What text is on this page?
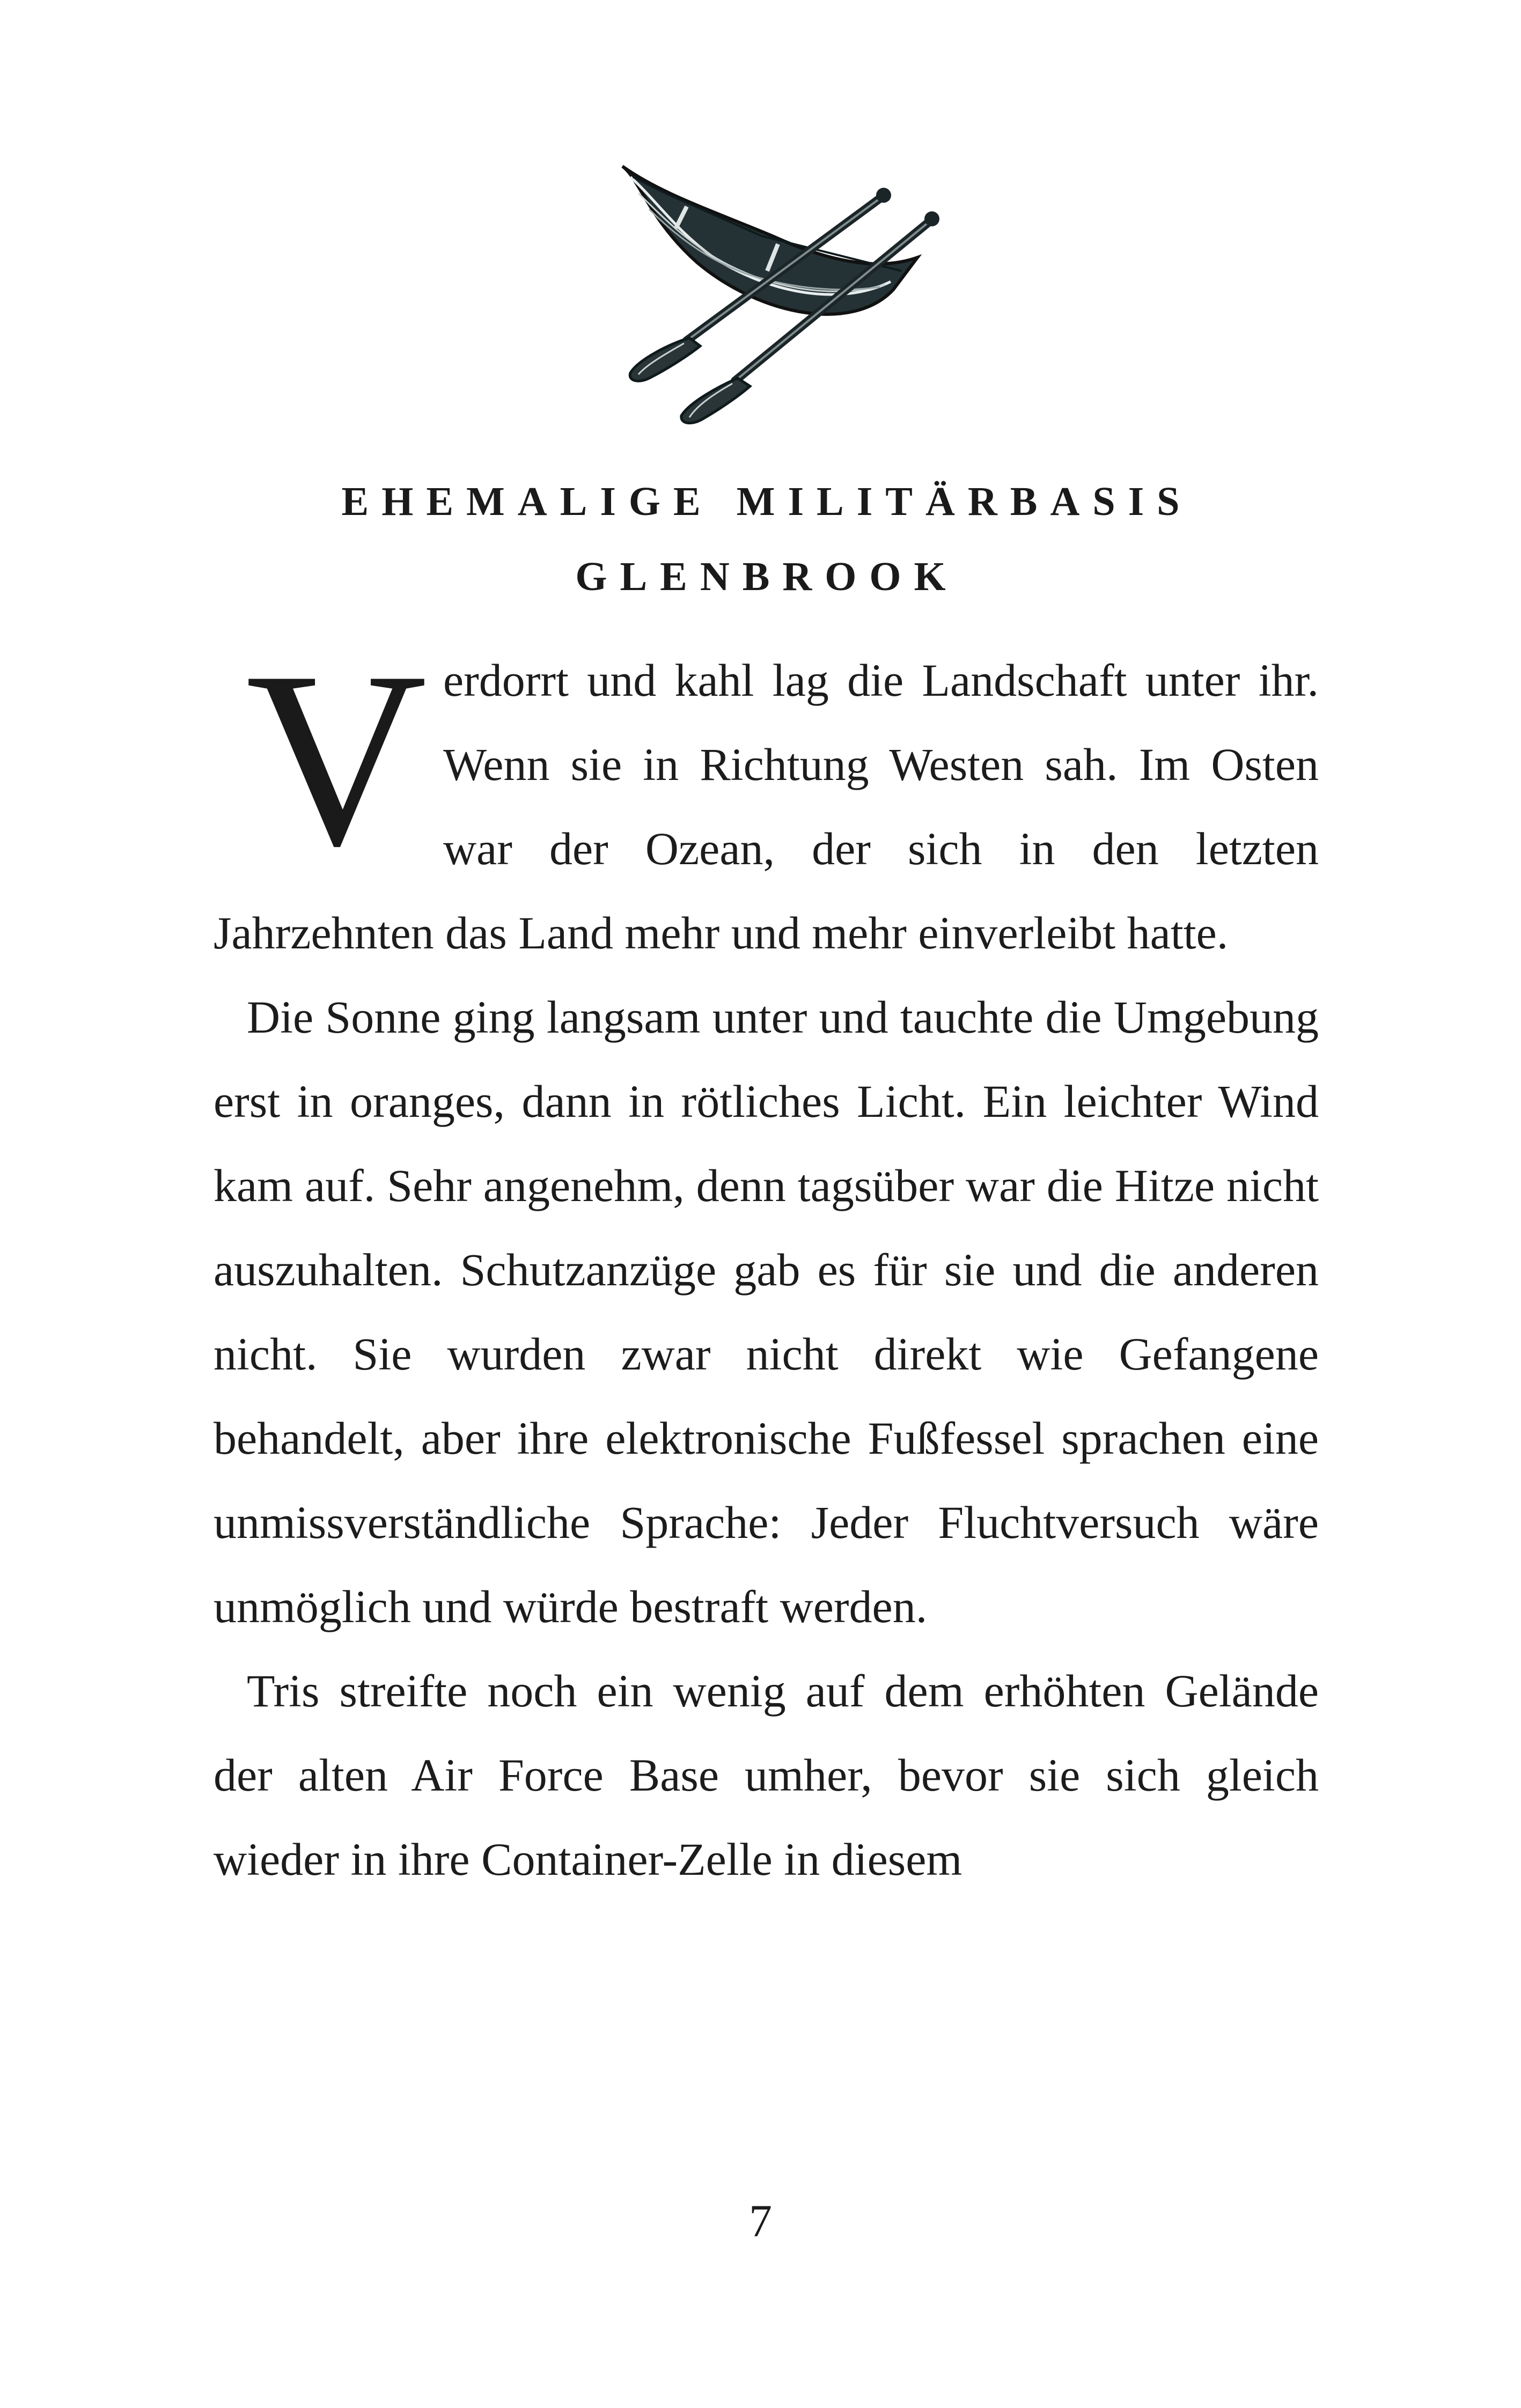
EHEMALIGE MILITÄRBASIS
GLENBROOK

Verdorrt und kahl lag die Landschaft unter ihr. Wenn sie in Richtung Westen sah. Im Osten war der Ozean, der sich in den letzten Jahrzehnten das Land mehr und mehr einverleibt hatte.

Die Sonne ging langsam unter und tauchte die Umgebung erst in oranges, dann in rötliches Licht. Ein leichter Wind kam auf. Sehr angenehm, denn tagsüber war die Hitze nicht auszuhalten. Schutzanzüge gab es für sie und die anderen nicht. Sie wurden zwar nicht direkt wie Gefangene behandelt, aber ihre elektronische Fußfessel sprachen eine unmissverständliche Sprache: Jeder Fluchtversuch wäre unmöglich und würde bestraft werden.

Tris streifte noch ein wenig auf dem erhöhten Gelände der alten Air Force Base umher, bevor sie sich gleich wieder in ihre Container-Zelle in diesem

7
